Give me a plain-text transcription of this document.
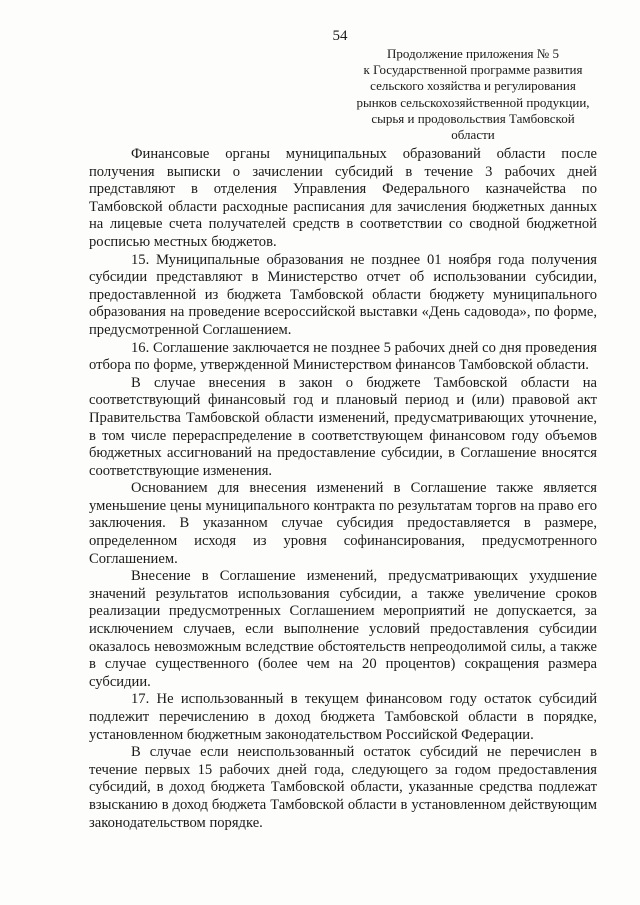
54
Продолжение приложения № 5
к Государственной программе развития
сельского хозяйства и регулирования
рынков сельскохозяйственной продукции,
сырья и продовольствия Тамбовской
области

Финансовые органы муниципальных образований области после получения выписки о зачислении субсидий в течение 3 рабочих дней представляют в отделения Управления Федерального казначейства по Тамбовской области расходные расписания для зачисления бюджетных данных на лицевые счета получателей средств в соответствии со сводной бюджетной росписью местных бюджетов.

15. Муниципальные образования не позднее 01 ноября года получения субсидии представляют в Министерство отчет об использовании субсидии, предоставленной из бюджета Тамбовской области бюджету муниципального образования на проведение всероссийской выставки «День садовода», по форме, предусмотренной Соглашением.

16. Соглашение заключается не позднее 5 рабочих дней со дня проведения отбора по форме, утвержденной Министерством финансов Тамбовской области.

В случае внесения в закон о бюджете Тамбовской области на соответствующий финансовый год и плановый период и (или) правовой акт Правительства Тамбовской области изменений, предусматривающих уточнение, в том числе перераспределение в соответствующем финансовом году объемов бюджетных ассигнований на предоставление субсидии, в Соглашение вносятся соответствующие изменения.

Основанием для внесения изменений в Соглашение также является уменьшение цены муниципального контракта по результатам торгов на право его заключения. В указанном случае субсидия предоставляется в размере, определенном исходя из уровня софинансирования, предусмотренного Соглашением.

Внесение в Соглашение изменений, предусматривающих ухудшение значений результатов использования субсидии, а также увеличение сроков реализации предусмотренных Соглашением мероприятий не допускается, за исключением случаев, если выполнение условий предоставления субсидии оказалось невозможным вследствие обстоятельств непреодолимой силы, а также в случае существенного (более чем на 20 процентов) сокращения размера субсидии.

17. Не использованный в текущем финансовом году остаток субсидий подлежит перечислению в доход бюджета Тамбовской области в порядке, установленном бюджетным законодательством Российской Федерации.

В случае если неиспользованный остаток субсидий не перечислен в течение первых 15 рабочих дней года, следующего за годом предоставления субсидий, в доход бюджета Тамбовской области, указанные средства подлежат взысканию в доход бюджета Тамбовской области в установленном действующим законодательством порядке.
